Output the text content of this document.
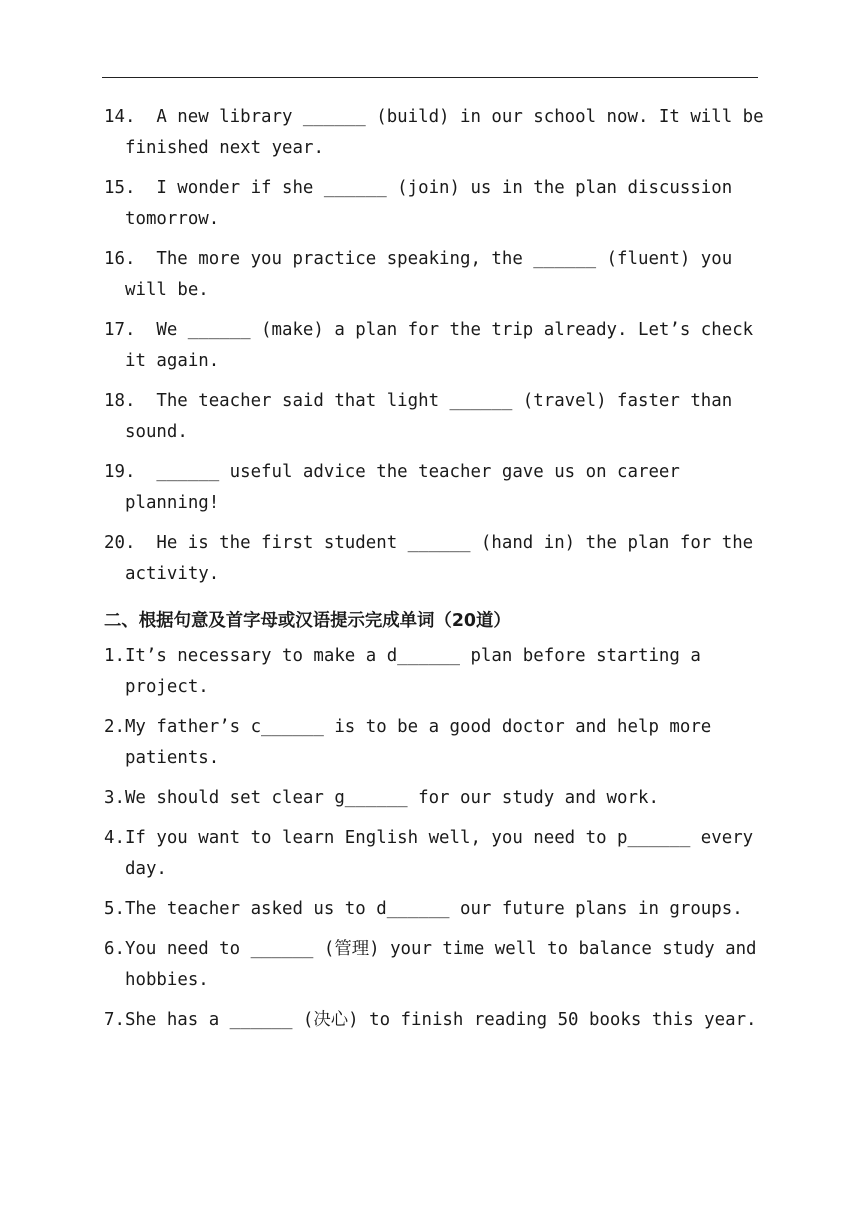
14.  A new library ______ (build) in our school now. It will be
finished next year.
15.  I wonder if she ______ (join) us in the plan discussion
tomorrow.
16.  The more you practice speaking, the ______ (fluent) you
will be.
17.  We ______ (make) a plan for the trip already. Let’s check
it again.
18.  The teacher said that light ______ (travel) faster than
sound.
19.  ______ useful advice the teacher gave us on career
planning!
20.  He is the first student ______ (hand in) the plan for the
activity.
二、根据句意及首字母或汉语提示完成单词（20道）
1.It’s necessary to make a d______ plan before starting a
project.
2.My father’s c______ is to be a good doctor and help more
patients.
3.We should set clear g______ for our study and work.
4.If you want to learn English well, you need to p______ every
day.
5.The teacher asked us to d______ our future plans in groups.
6.You need to ______ (管理) your time well to balance study and
hobbies.
7.She has a ______ (决心) to finish reading 50 books this year.
